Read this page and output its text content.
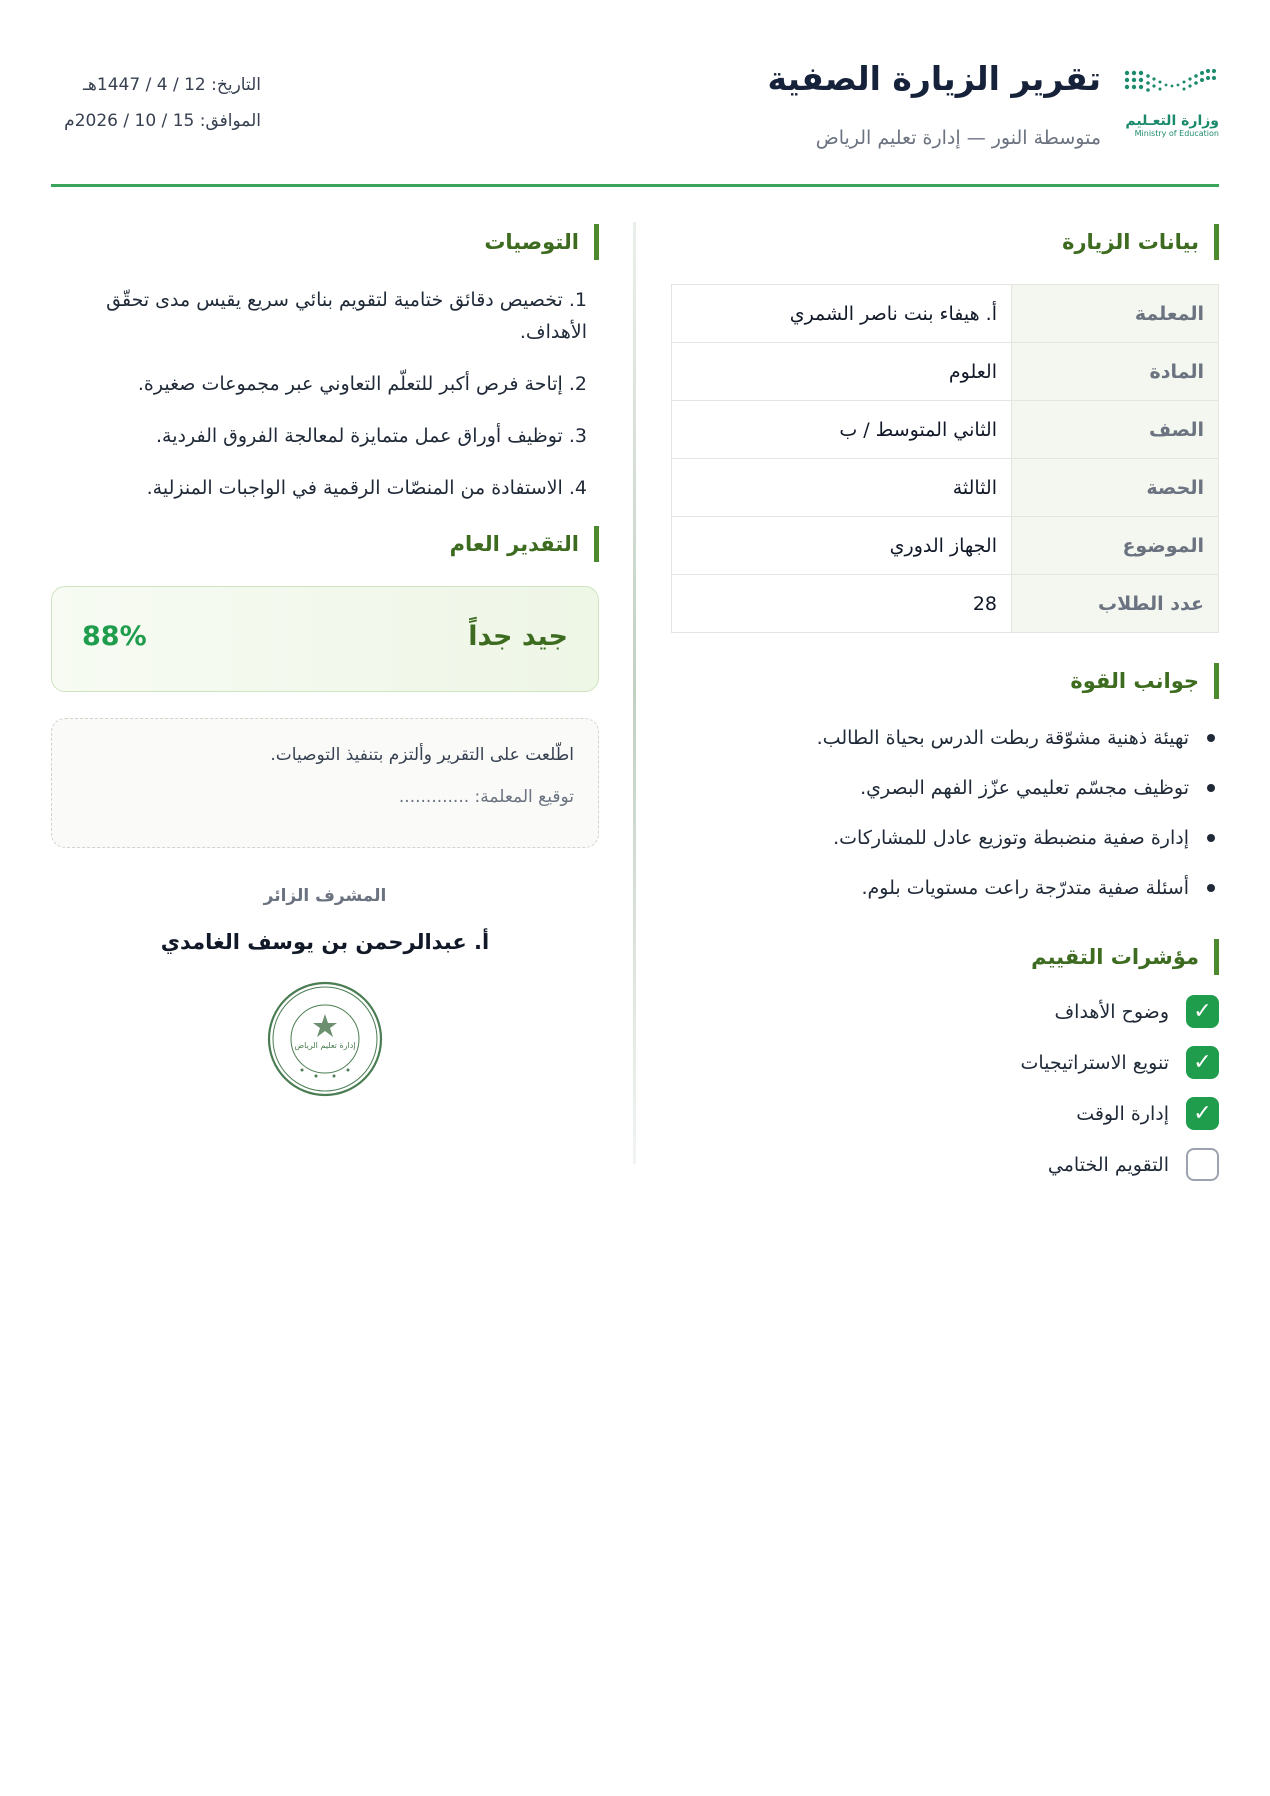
وزارة التعـليم
Ministry of Education
تقرير الزيارة الصفية
متوسطة النور — إدارة تعليم الرياض
التاريخ: 12 / 4 / 1447هـ
الموافق: 15 / 10 / 2026م
بيانات الزيارة
المعلمة	أ. هيفاء بنت ناصر الشمري
المادة	العلوم
الصف	الثاني المتوسط / ب
الحصة	الثالثة
الموضوع	الجهاز الدوري
عدد الطلاب	28
جوانب القوة
تهيئة ذهنية مشوّقة ربطت الدرس بحياة الطالب.
توظيف مجسّم تعليمي عزّز الفهم البصري.
إدارة صفية منضبطة وتوزيع عادل للمشاركات.
أسئلة صفية متدرّجة راعت مستويات بلوم.
مؤشرات التقييم
✓
وضوح الأهداف
✓
تنويع الاستراتيجيات
✓
إدارة الوقت
التقويم الختامي
التوصيات
1. تخصيص دقائق ختامية لتقويم بنائي سريع يقيس مدى تحقّق الأهداف.
2. إتاحة فرص أكبر للتعلّم التعاوني عبر مجموعات صغيرة.
3. توظيف أوراق عمل متمايزة لمعالجة الفروق الفردية.
4. الاستفادة من المنصّات الرقمية في الواجبات المنزلية.
التقدير العام
جيد جداً
88%
اطّلعت على التقرير وألتزم بتنفيذ التوصيات.
توقيع المعلمة: .............
المشرف الزائر
أ. عبدالرحمن بن يوسف الغامدي
إدارة تعليم الرياض
